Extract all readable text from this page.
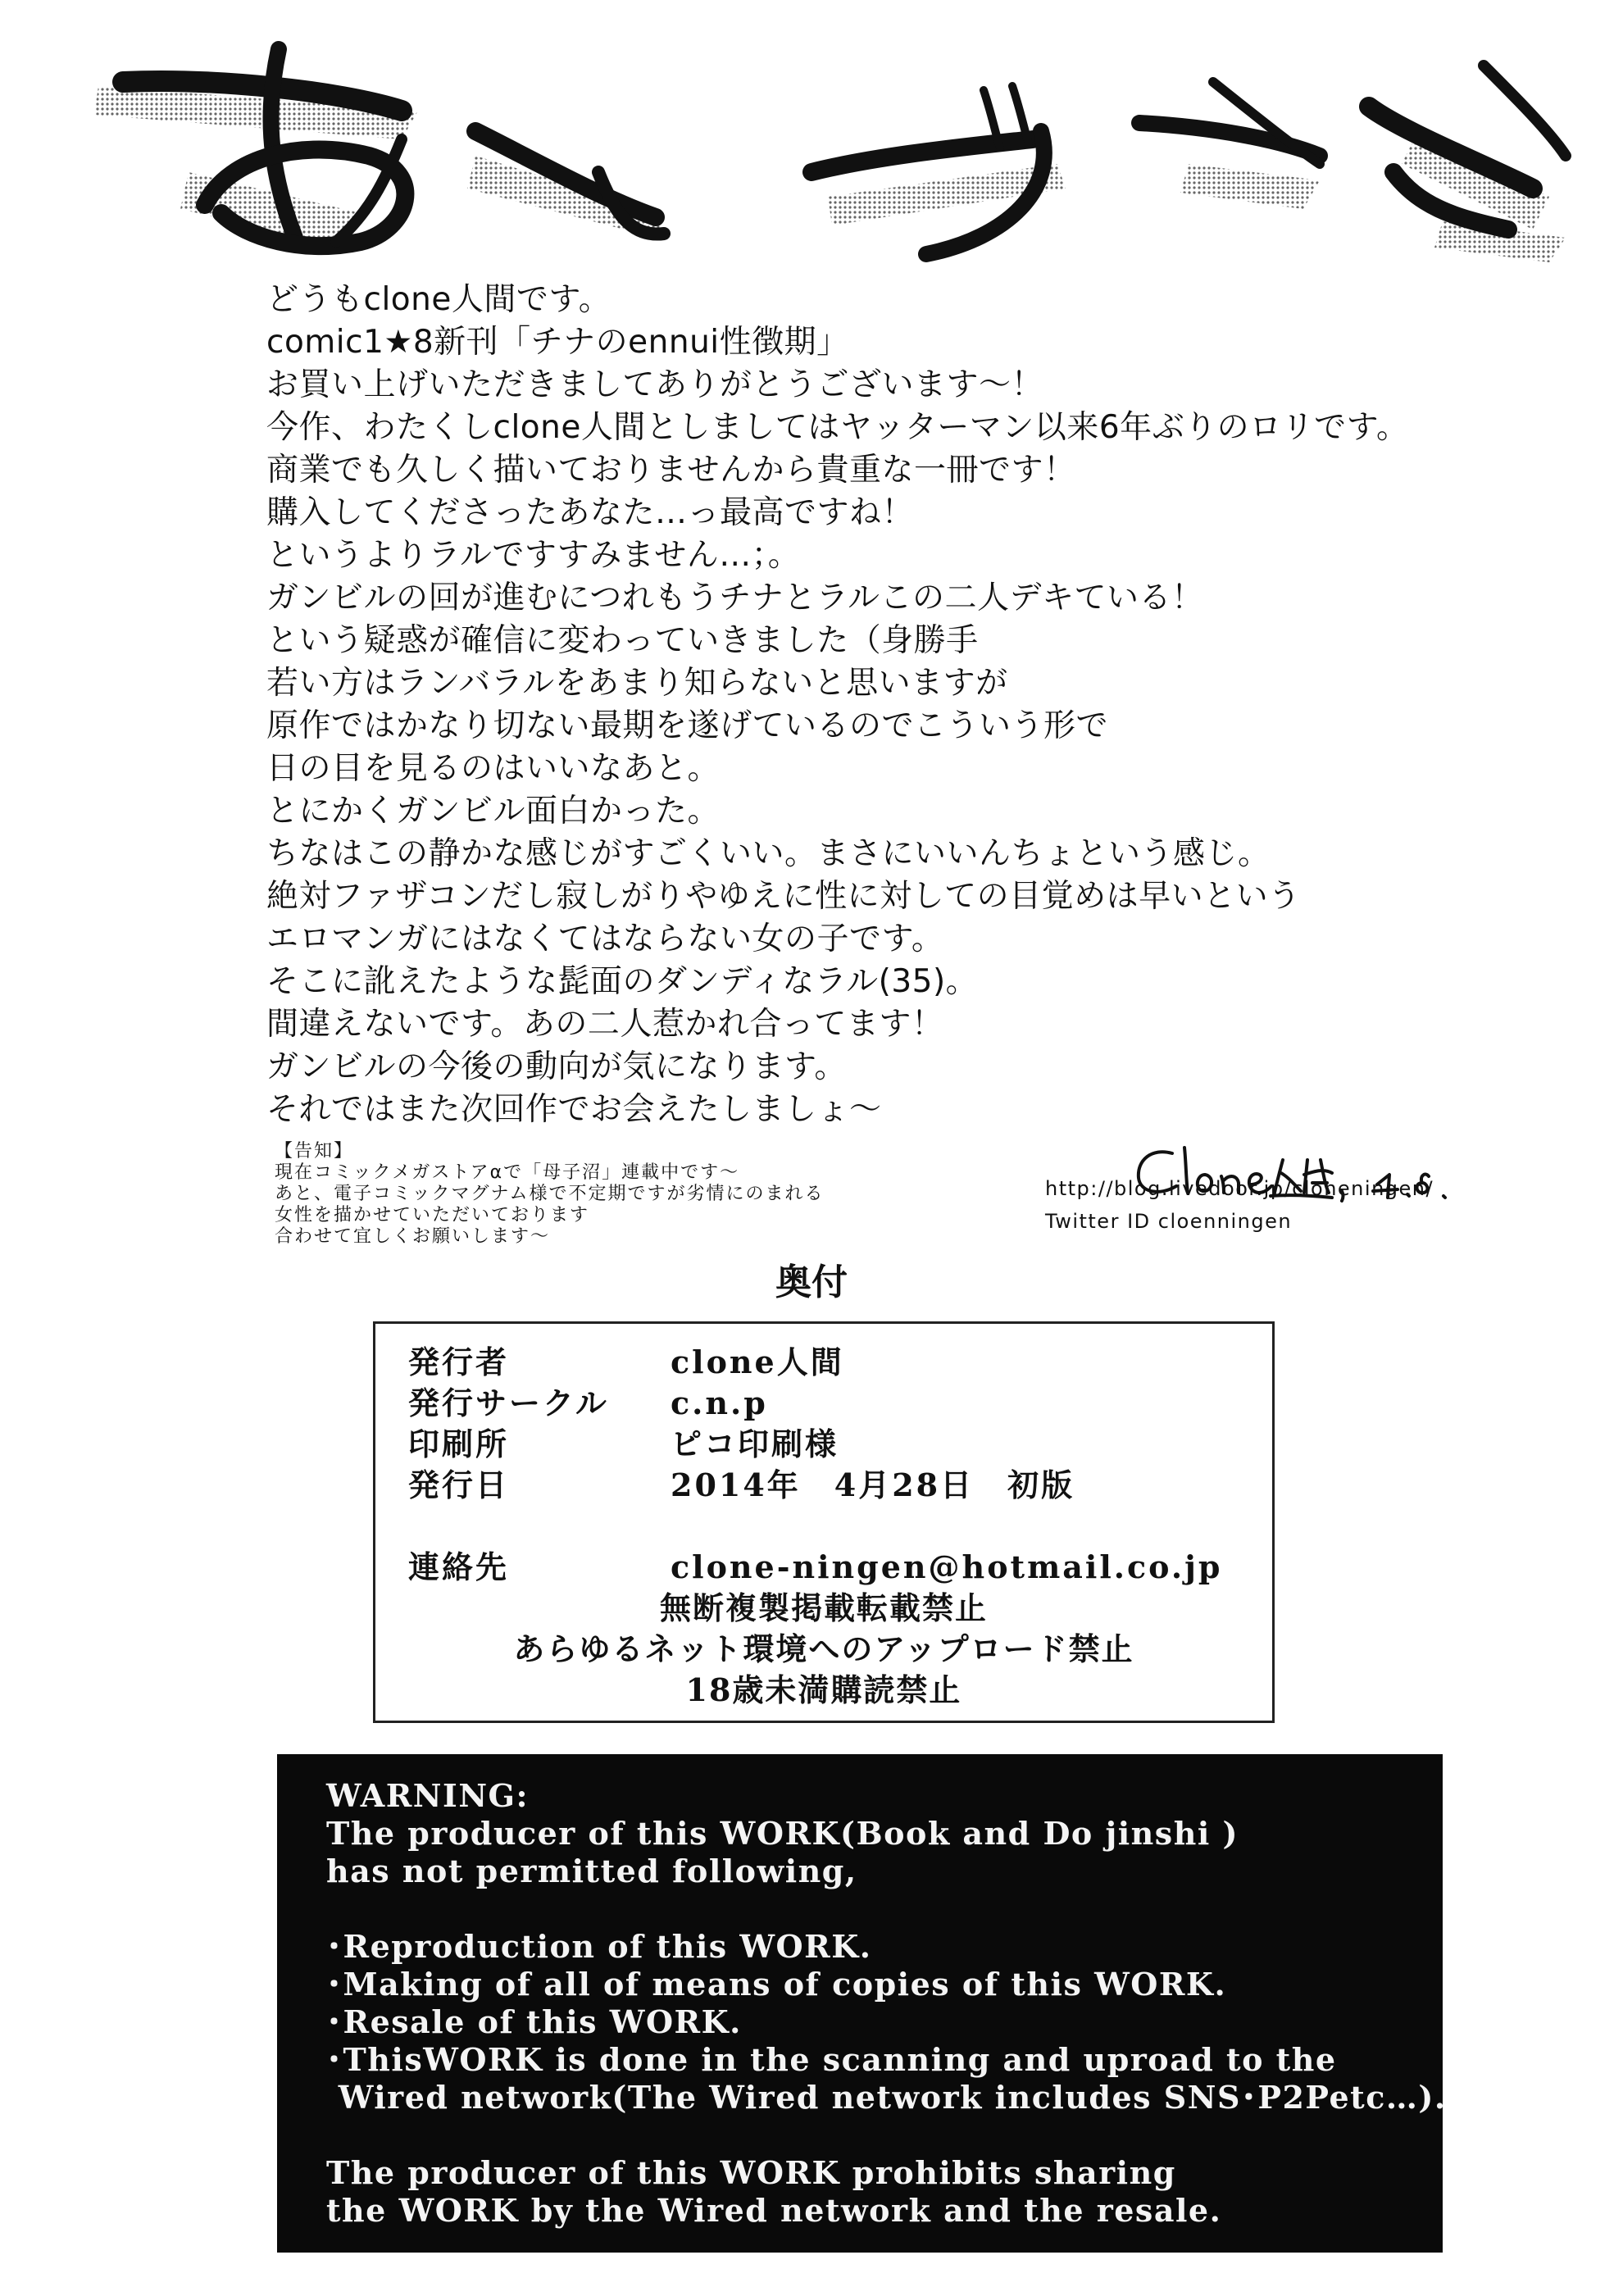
どうもclone人間です。
comic1★8新刊「チナのennui性徴期」
お買い上げいただきましてありがとうございます～！
今作、わたくしclone人間としましてはヤッターマン以来6年ぶりのロリです。
商業でも久しく描いておりませんから貴重な一冊です！
購入してくださったあなた…っ最高ですね！
というよりラルですすみません…；。
ガンビルの回が進むにつれもうチナとラルこの二人デキている！
という疑惑が確信に変わっていきました（身勝手
若い方はランバラルをあまり知らないと思いますが
原作ではかなり切ない最期を遂げているのでこういう形で
日の目を見るのはいいなあと。
とにかくガンビル面白かった。
ちなはこの静かな感じがすごくいい。まさにいいんちょという感じ。
絶対ファザコンだし寂しがりやゆえに性に対しての目覚めは早いという
エロマンガにはなくてはならない女の子です。
そこに訛えたような髭面のダンディなラル(35)。
間違えないです。あの二人惹かれ合ってます！
ガンビルの今後の動向が気になります。
それではまた次回作でお会えたしましょ～
【告知】
現在コミックメガストアαで「母子沼」連載中です～
あと、電子コミックマグナム様で不定期ですが劣情にのまれる
女性を描かせていただいております
合わせて宜しくお願いします～
http://blog.livedoor.jp/cloneningen/
Twitter ID cloenningen
奥付
発行者	clone人間
発行サークル c.n.p
印刷所	ピコ印刷様
発行日	2014年　4月28日　初版
連絡先	clone-ningen@hotmail.co.jp
無断複製掲載転載禁止
あらゆるネット環境へのアップロード禁止
18歳未満購読禁止
WARNING:
The producer of this WORK(Book and Do jinshi )
has not permitted following,
･Reproduction of this WORK.
･Making of all of means of copies of this WORK.
･Resale of this WORK.
･ThisWORK is done in the scanning and uproad to the
Wired network(The Wired network includes SNS･P2Petc…).
The producer of this WORK prohibits sharing
the WORK by the Wired network and the resale.
